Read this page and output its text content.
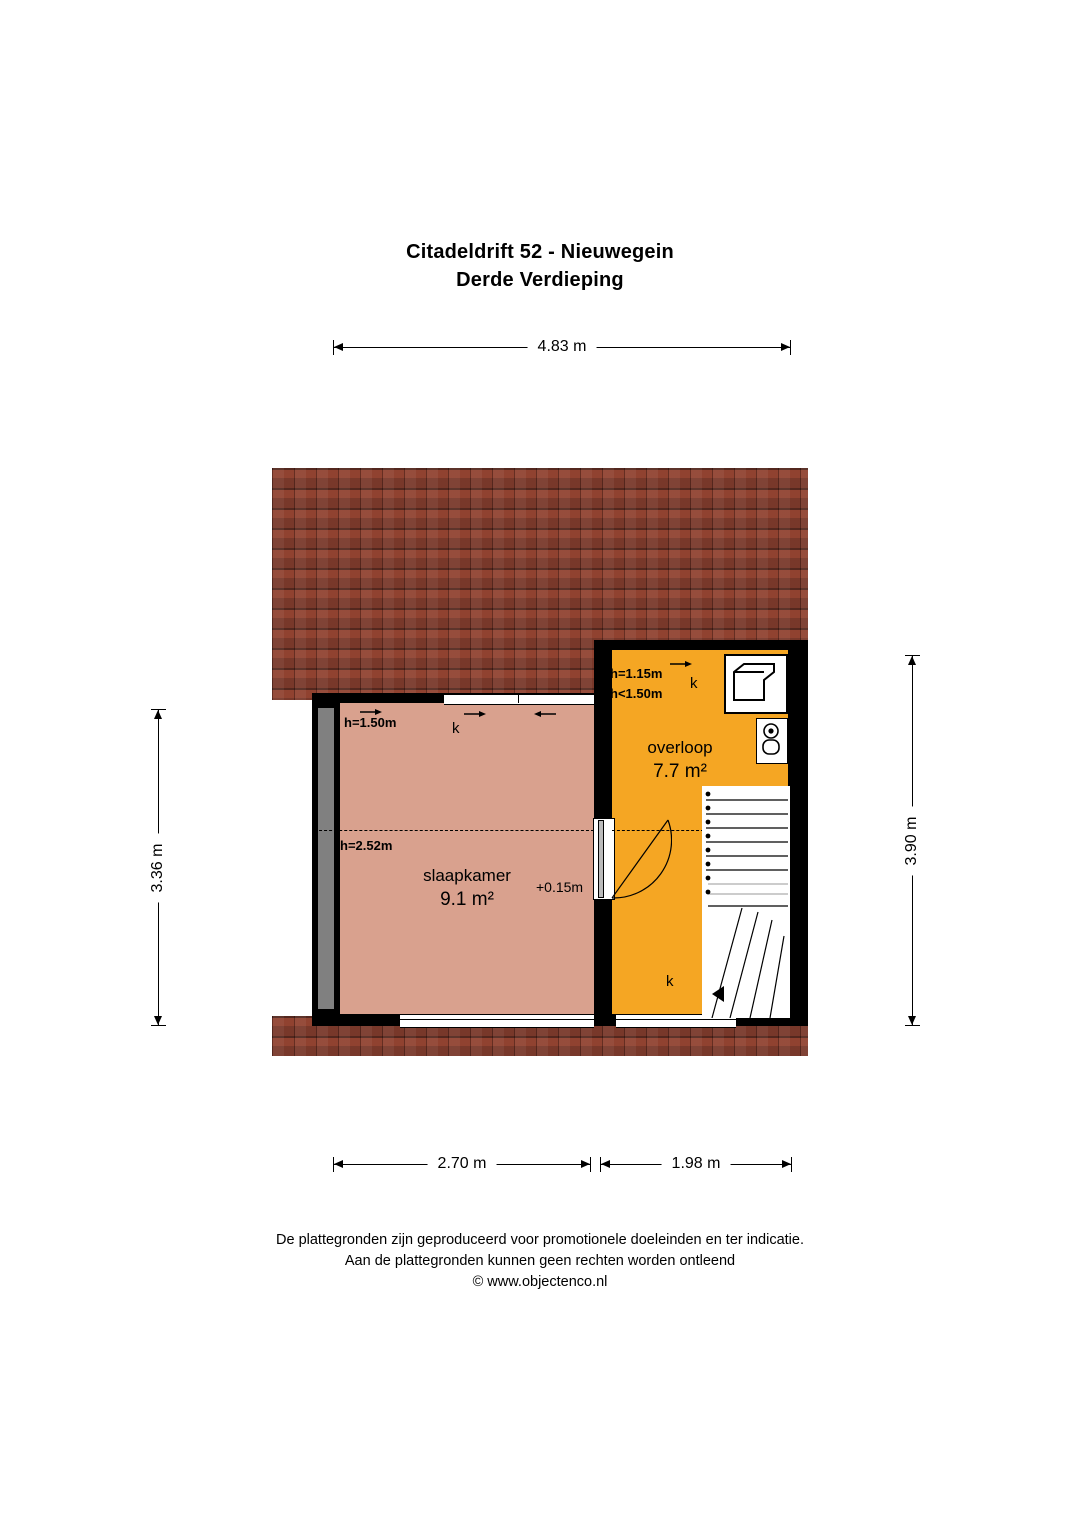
Citadeldrift 52 - Nieuwegein
Derde Verdieping
4.83 m
3.36 m
3.90 m
2.70 m	1.98 m
h=1.50m	k
h=2.52m
slaapkamer
9.1 m²
+0.15m
h=1.15m
h<1.50m
k
overloop
7.7 m²
k
De plattegronden zijn geproduceerd voor promotionele doeleinden en ter indicatie.
Aan de plattegronden kunnen geen rechten worden ontleend
© www.objectenco.nl
